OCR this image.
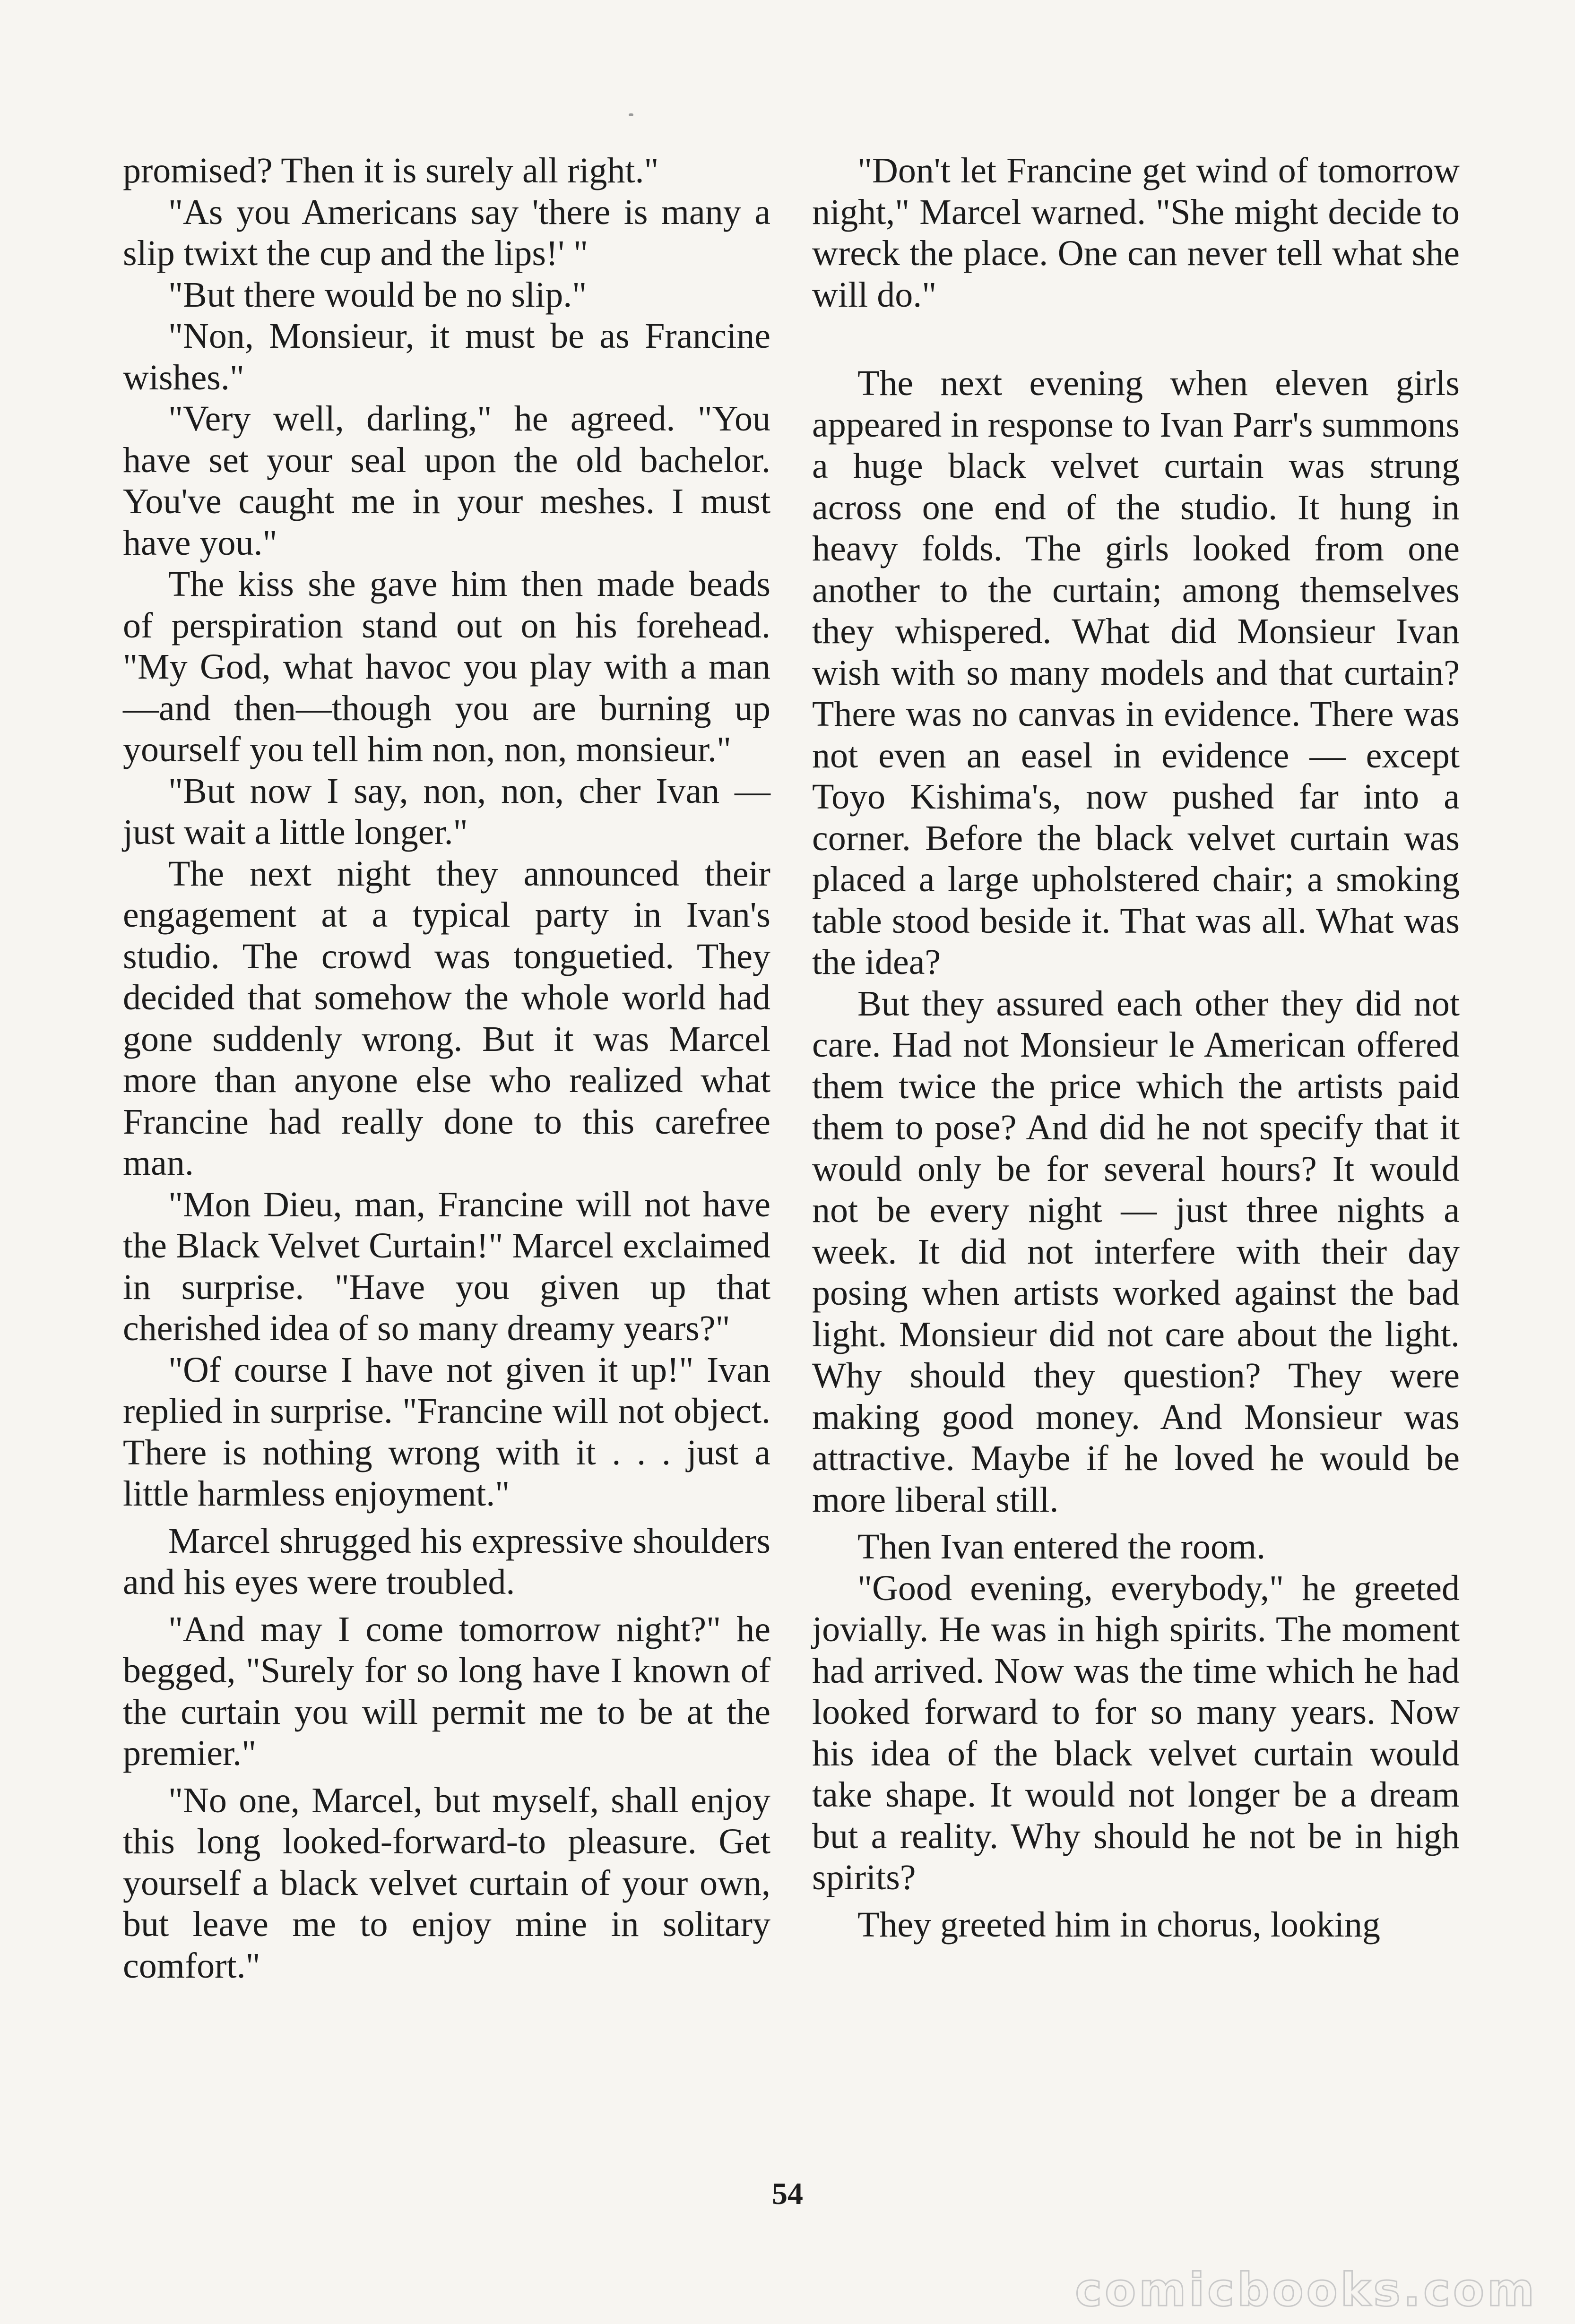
promised? Then it is surely all right."

"As you Americans say 'there is many a slip twixt the cup and the lips!' "

"But there would be no slip."

"Non, Monsieur, it must be as Francine wishes."

"Very well, darling," he agreed. "You have set your seal upon the old bachelor. You've caught me in your meshes. I must have you."

The kiss she gave him then made beads of perspiration stand out on his forehead. "My God, what havoc you play with a man—and then—though you are burning up yourself you tell him non, non, monsieur."

"But now I say, non, non, cher Ivan — just wait a little longer."

The next night they announced their engagement at a typical party in Ivan's studio. The crowd was tonguetied. They decided that somehow the whole world had gone suddenly wrong. But it was Marcel more than anyone else who realized what Francine had really done to this carefree man.

"Mon Dieu, man, Francine will not have the Black Velvet Curtain!" Marcel exclaimed in surprise. "Have you given up that cherished idea of so many dreamy years?"

"Of course I have not given it up!" Ivan replied in surprise. "Francine will not object. There is nothing wrong with it . . . just a little harmless enjoyment."

Marcel shrugged his expressive shoulders and his eyes were troubled.

"And may I come tomorrow night?" he begged, "Surely for so long have I known of the curtain you will permit me to be at the premier."

"No one, Marcel, but myself, shall enjoy this long looked-forward-to pleasure. Get yourself a black velvet curtain of your own, but leave me to enjoy mine in solitary comfort."

"Don't let Francine get wind of tomorrow night," Marcel warned. "She might decide to wreck the place. One can never tell what she will do."

The next evening when eleven girls appeared in response to Ivan Parr's summons a huge black velvet curtain was strung across one end of the studio. It hung in heavy folds. The girls looked from one another to the curtain; among themselves they whispered. What did Monsieur Ivan wish with so many models and that curtain? There was no canvas in evidence. There was not even an easel in evidence — except Toyo Kishima's, now pushed far into a corner. Before the black velvet curtain was placed a large upholstered chair; a smoking table stood beside it. That was all. What was the idea?

But they assured each other they did not care. Had not Monsieur le American offered them twice the price which the artists paid them to pose? And did he not specify that it would only be for several hours? It would not be every night — just three nights a week. It did not interfere with their day posing when artists worked against the bad light. Monsieur did not care about the light. Why should they question? They were making good money. And Monsieur was attractive. Maybe if he loved he would be more liberal still.

Then Ivan entered the room.

"Good evening, everybody," he greeted jovially. He was in high spirits. The moment had arrived. Now was the time which he had looked forward to for so many years. Now his idea of the black velvet curtain would take shape. It would not longer be a dream but a reality. Why should he not be in high spirits?

They greeted him in chorus, looking

54
comicbooks.com
